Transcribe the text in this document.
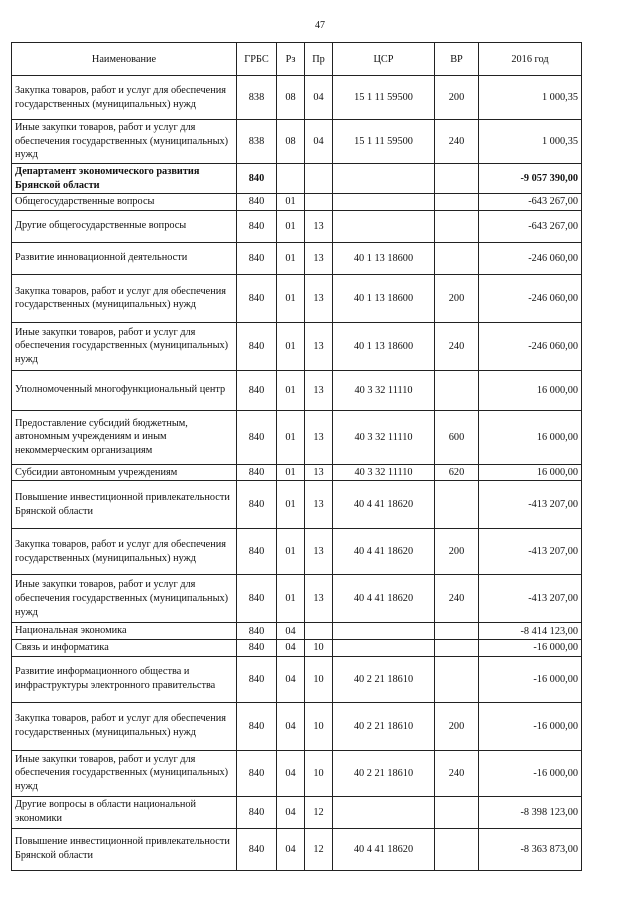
47
Наименование	ГРБС	Рз	Пр	ЦСР	ВР	2016 год
Закупка товаров, работ и услуг для обеспечения государственных (муниципальных) нужд	838	08	04	15 1 11 59500	200	1 000,35
Иные закупки товаров, работ и услуг для обеспечения государственных (муниципальных) нужд	838	08	04	15 1 11 59500	240	1 000,35
Департамент экономического развития Брянской области	840					-9 057 390,00
Общегосударственные вопросы	840	01				-643 267,00
Другие общегосударственные вопросы	840	01	13			-643 267,00
Развитие инновационной деятельности	840	01	13	40 1 13 18600		-246 060,00
Закупка товаров, работ и услуг для обеспечения государственных (муниципальных) нужд	840	01	13	40 1 13 18600	200	-246 060,00
Иные закупки товаров, работ и услуг для обеспечения государственных (муниципальных) нужд	840	01	13	40 1 13 18600	240	-246 060,00
Уполномоченный многофункциональный центр	840	01	13	40 3 32 11110		16 000,00
Предоставление субсидий бюджетным, автономным учреждениям и иным некоммерческим организациям	840	01	13	40 3 32 11110	600	16 000,00
Субсидии автономным учреждениям	840	01	13	40 3 32 11110	620	16 000,00
Повышение инвестиционной привлекательности Брянской области	840	01	13	40 4 41 18620		-413 207,00
Закупка товаров, работ и услуг для обеспечения государственных (муниципальных) нужд	840	01	13	40 4 41 18620	200	-413 207,00
Иные закупки товаров, работ и услуг для обеспечения государственных (муниципальных) нужд	840	01	13	40 4 41 18620	240	-413 207,00
Национальная экономика	840	04				-8 414 123,00
Связь и информатика	840	04	10			-16 000,00
Развитие информационного общества и инфраструктуры электронного правительства	840	04	10	40 2 21 18610		-16 000,00
Закупка товаров, работ и услуг для обеспечения государственных (муниципальных) нужд	840	04	10	40 2 21 18610	200	-16 000,00
Иные закупки товаров, работ и услуг для обеспечения государственных (муниципальных) нужд	840	04	10	40 2 21 18610	240	-16 000,00
Другие вопросы в области национальной экономики	840	04	12			-8 398 123,00
Повышение инвестиционной привлекательности Брянской области	840	04	12	40 4 41 18620		-8 363 873,00
